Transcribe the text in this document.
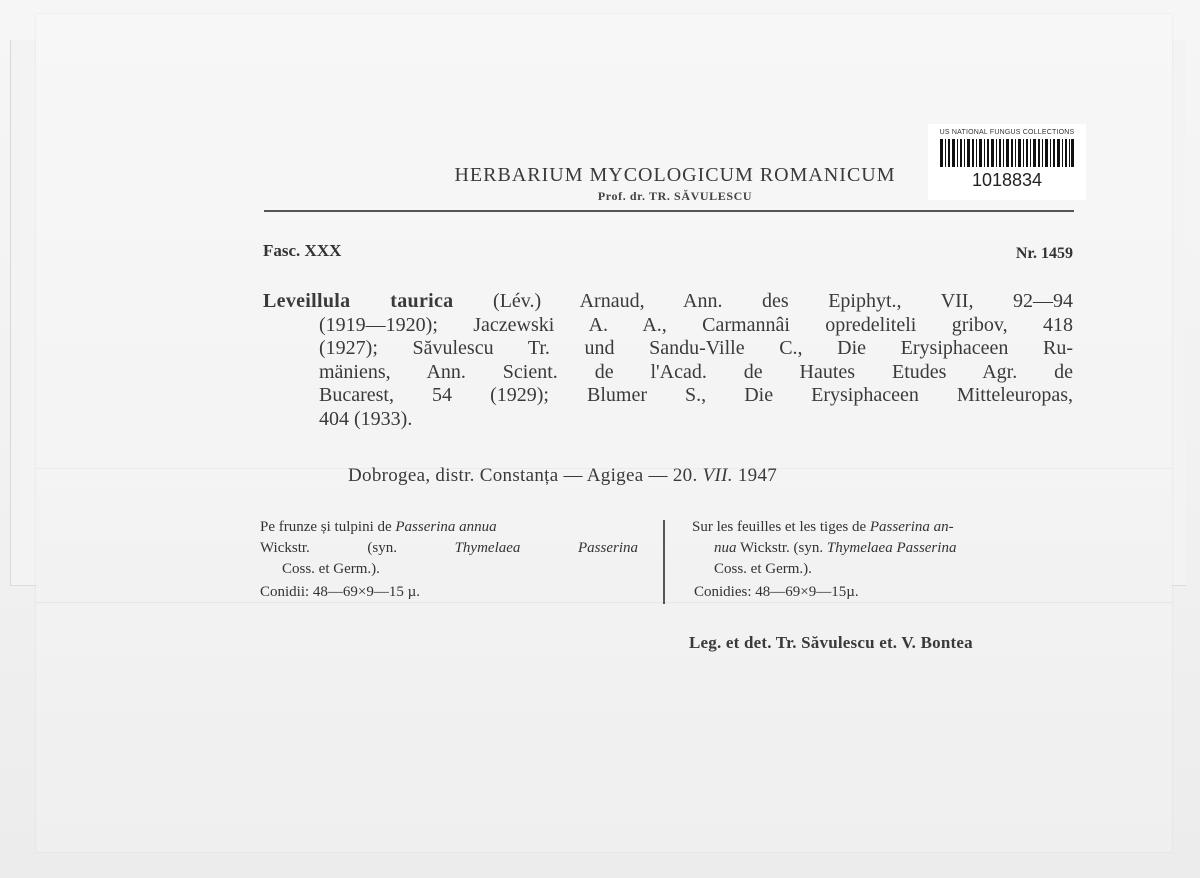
HERBARIUM MYCOLOGICUM ROMANICUM
Prof. dr. TR. SĂVULESCU
US NATIONAL FUNGUS COLLECTIONS
1018834
Fasc. XXX	Nr. 1459
Leveillula taurica (Lév.) Arnaud, Ann. des Epiphyt., VII, 92—94
(1919—1920); Jaczewski A. A., Carmannâi opredeliteli gribov, 418
(1927); Săvulescu Tr. und Sandu-Ville C., Die Erysiphaceen Ru-
mäniens, Ann. Scient. de l'Acad. de Hautes Etudes Agr. de
Bucarest, 54 (1929); Blumer S., Die Erysiphaceen Mitteleuropas,
404 (1933).
Dobrogea, distr. Constanța — Agigea — 20. VII. 1947
Pe frunze și tulpini de Passerina annua
Wickstr. (syn.	Thymelaea Passerina
Coss. et Germ.).
Sur les feuilles et les tiges de Passerina an-
nua Wickstr. (syn. Thymelaea Passerina
Coss. et Germ.).
Conidii: 48—69×9—15 µ.	Conidies: 48—69×9—15µ.
Leg. et det. Tr. Săvulescu et. V. Bontea
